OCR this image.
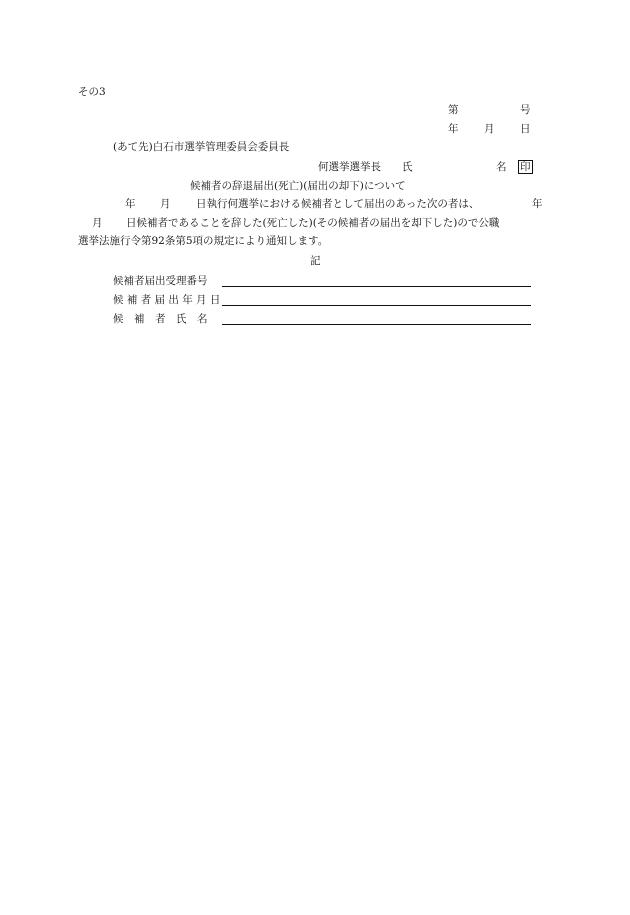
その3
第	号
年 月 日
(あて先)白石市選挙管理委員会委員長
何選挙選挙長 氏	名 印
候補者の辞退届出(死亡)(届出の却下)について
年 月 日執行何選挙における候補者として届出のあった次の者は、	年
月 日候補者であることを辞した(死亡した)(その候補者の届出を却下した)ので公職
選挙法施行令第92条第5項の規定により通知します。
記
候補者届出受理番号
候 補 者 届 出 年 月 日
候　補　者　氏　名
